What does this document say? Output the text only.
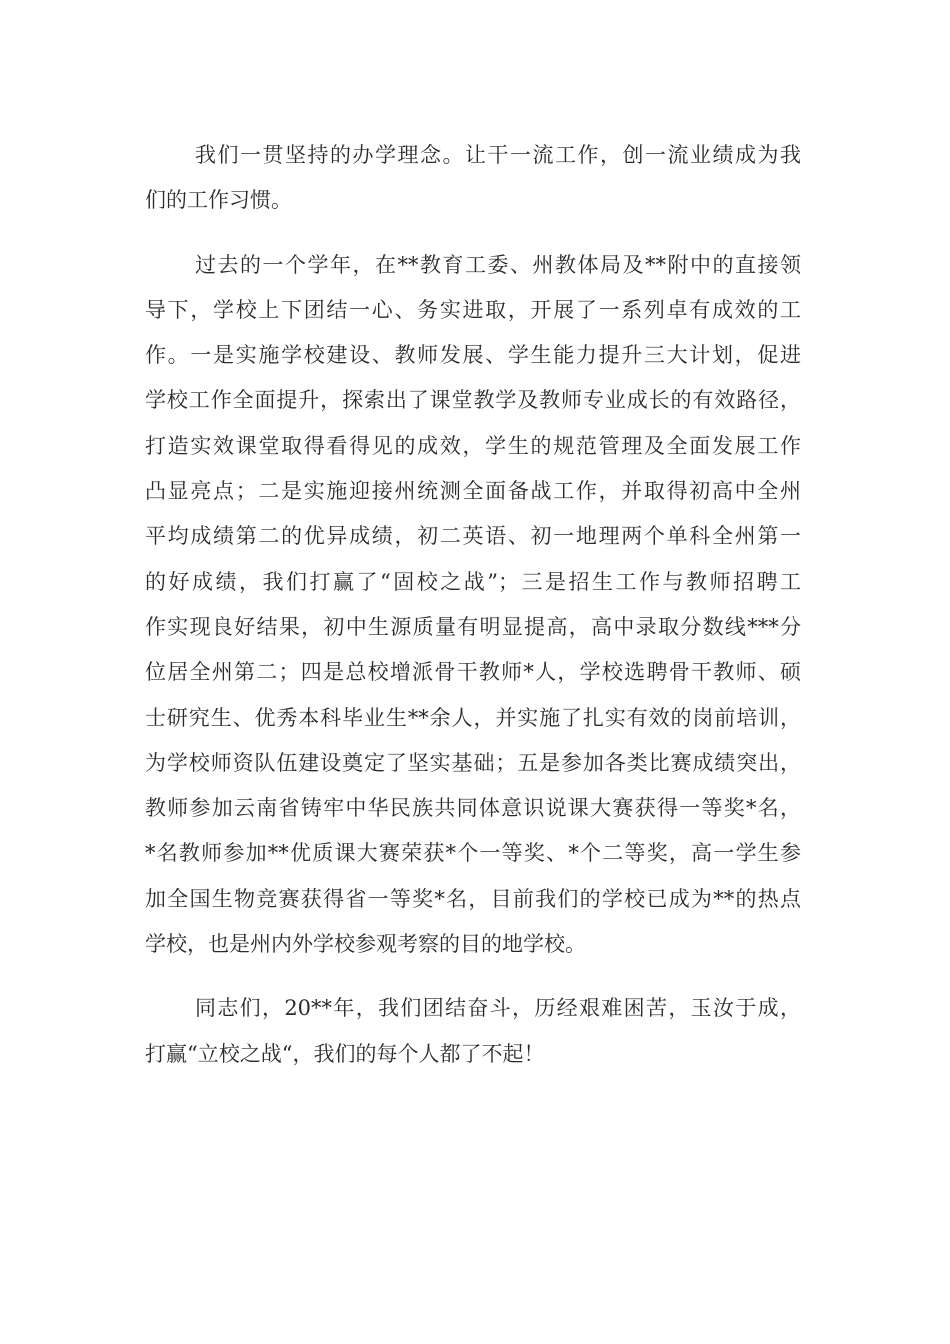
我们一贯坚持的办学理念。让干一流工作，创一流业绩成为我
们的工作习惯。
过去的一个学年，在**教育工委、州教体局及**附中的直接领
导下，学校上下团结一心、务实进取，开展了一系列卓有成效的工
作。一是实施学校建设、教师发展、学生能力提升三大计划，促进
学校工作全面提升，探索出了课堂教学及教师专业成长的有效路径，
打造实效课堂取得看得见的成效，学生的规范管理及全面发展工作
凸显亮点；二是实施迎接州统测全面备战工作，并取得初高中全州
平均成绩第二的优异成绩，初二英语、初一地理两个单科全州第一
的好成绩，我们打赢了“固校之战”；三是招生工作与教师招聘工
作实现良好结果，初中生源质量有明显提高，高中录取分数线***分
位居全州第二；四是总校增派骨干教师*人，学校选聘骨干教师、硕
士研究生、优秀本科毕业生**余人，并实施了扎实有效的岗前培训，
为学校师资队伍建设奠定了坚实基础；五是参加各类比赛成绩突出，
教师参加云南省铸牢中华民族共同体意识说课大赛获得一等奖*名，
*名教师参加**优质课大赛荣获*个一等奖、*个二等奖，高一学生参
加全国生物竞赛获得省一等奖*名，目前我们的学校已成为**的热点
学校，也是州内外学校参观考察的目的地学校。
同志们，20**年，我们团结奋斗，历经艰难困苦，玉汝于成，
打赢“立校之战“，我们的每个人都了不起！
